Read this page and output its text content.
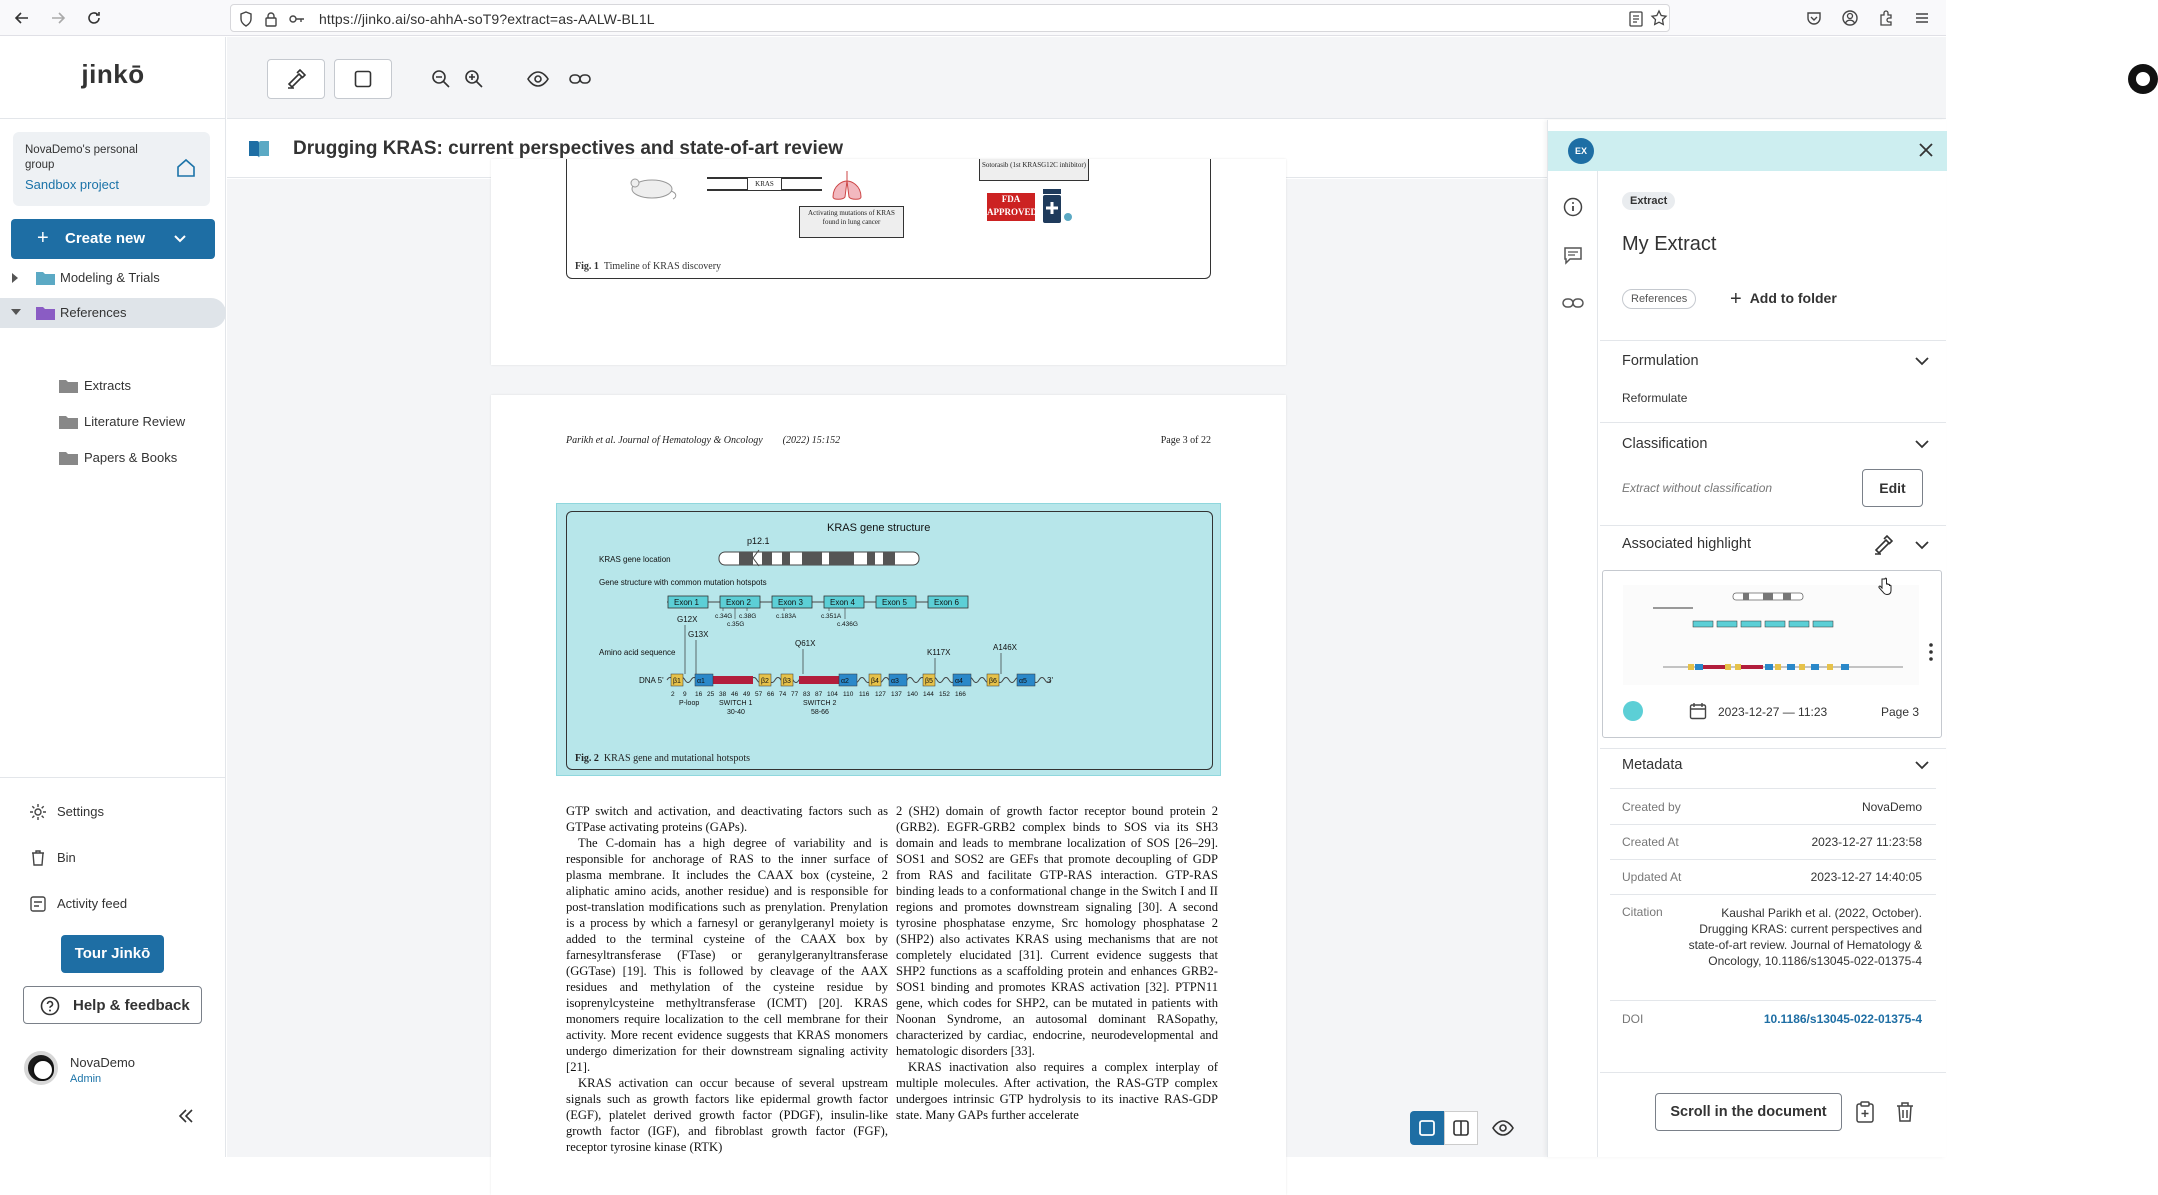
https://jinko.ai/so-ahhA-soT9?extract=as-AALW-BL1L
jinkō
NovaDemo's personal group
Sandbox project
+ Create new
Modeling & Trials
References
Extracts
Literature Review
Papers & Books
Settings
Bin
Activity feed
Tour Jinkō
Help & feedback
NovaDemo
Admin
Drugging KRAS: current perspectives and state-of-art review
KRAS
Activating mutations of KRAS found in lung cancer
Sotorasib (1st KRASG12C inhibitor)
FDA APPROVED
Fig. 1 Timeline of KRAS discovery
Parikh et al. Journal of Hematology & Oncology        (2022) 15:152	Page 3 of 22
KRAS gene structure
p12.1
KRAS gene location
Gene structure with common mutation hotspots
Exon 1	Exon 2	Exon 3	Exon 4	Exon 5	Exon 6
c.34G c.38G
c.35G
c.183A	c.351A
c.436G
Amino acid sequence
G12X
G13X
Q61X
K117X
A146X
DNA 5'	3'
β1 α1	β2 β3	α2	β4 α3	β5	α4	β6	α5
2 9 16 25 38 46 49 57 66 74 77 83 87 104 110 116 127 137 140 144 152 166
P-loop	SWITCH 1
30-40
SWITCH 2
58-66
Fig. 2 KRAS gene and mutational hotspots

GTP switch and activation, and deactivating factors such as GTPase activating proteins (GAPs).

The C-domain has a high degree of variability and is responsible for anchorage of RAS to the inner surface of plasma membrane. It includes the CAAX box (cysteine, 2 aliphatic amino acids, another residue) and is responsible for post-translation modifications such as prenylation. Prenylation is a process by which a farnesyl or geranylgeranyl moiety is added to the terminal cysteine of the CAAX box by farnesyltransferase (FTase) or geranylgeranyltransferase (GGTase) [19]. This is followed by cleavage of the AAX residues and methylation of the cysteine residue by isoprenylcysteine methyltransferase (ICMT) [20]. KRAS monomers require localization to the cell membrane for their activity. More recent evidence suggests that KRAS monomers undergo dimerization for their downstream signaling activity [21].

KRAS activation can occur because of several upstream signals such as growth factors like epidermal growth factor (EGF), platelet derived growth factor (PDGF), insulin-like growth factor (IGF), and fibroblast growth factor (FGF), receptor tyrosine kinase (RTK)

2 (SH2) domain of growth factor receptor bound protein 2 (GRB2). EGFR-GRB2 complex binds to SOS via its SH3 domain and leads to membrane localization of SOS [26–29]. SOS1 and SOS2 are GEFs that promote decoupling of GDP from RAS and facilitate GTP-RAS interaction. GTP-RAS binding leads to a conformational change in the Switch I and II regions and promotes downstream signaling [30]. A second tyrosine phosphatase enzyme, Src homology phosphatase 2 (SHP2) also activates KRAS using mechanisms that are not completely elucidated [31]. Current evidence suggests that SHP2 functions as a scaffolding protein and enhances GRB2-SOS1 binding and promotes KRAS activation [32]. PTPN11 gene, which codes for SHP2, can be mutated in patients with Noonan Syndrome, an autosomal dominant RASopathy, characterized by cardiac, endocrine, neurodevelopmental and hematologic disorders [33].

KRAS inactivation also requires a complex interplay of multiple molecules. After activation, the RAS-GTP complex undergoes intrinsic GTP hydrolysis to its inactive RAS-GDP state. Many GAPs further accelerate

EX
Extract
My Extract
References	+ Add to folder
Formulation
Reformulate
Classification
Extract without classification	Edit
Associated highlight
2023-12-27 — 11:23	Page 3
Metadata
Created by	NovaDemo
Created At	2023-12-27 11:23:58
Updated At	2023-12-27 14:40:05
Citation	Kaushal Parikh et al. (2022, October). Drugging KRAS: current perspectives and state-of-art review. Journal of Hematology & Oncology, 10.1186/s13045-022-01375-4
DOI	10.1186/s13045-022-01375-4
Scroll in the document
